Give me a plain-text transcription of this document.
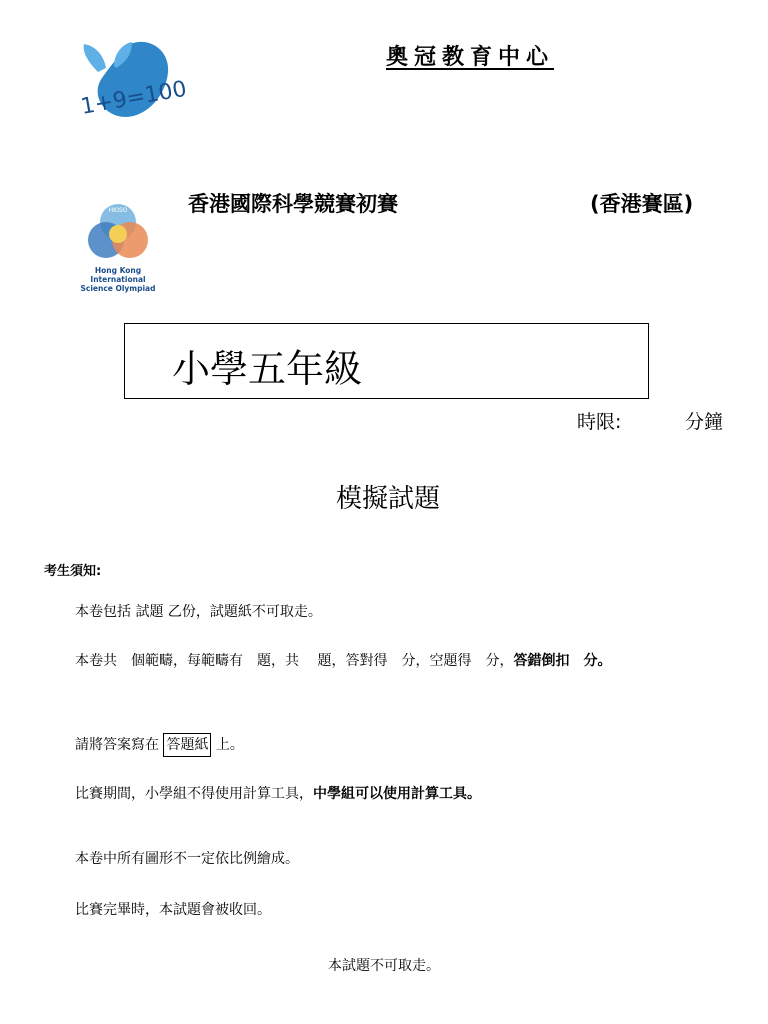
1+9=100
奧冠教育中心
HKISO
Hong Kong International
Science Olympiad
香港國際科學競賽初賽	(香港賽區)
小學五年級
時限:	分鐘
模擬試題
考生須知:
本卷包括 試題 乙份，試題紙不可取走。
本卷共　個範疇，每範疇有　題，共　 題，答對得　分，空題得　分，答錯倒扣　分。
請將答案寫在 答題紙 上。
比賽期間，小學組不得使用計算工具，中學組可以使用計算工具。
本卷中所有圖形不一定依比例繪成。
比賽完畢時，本試題會被收回。
本試題不可取走。
